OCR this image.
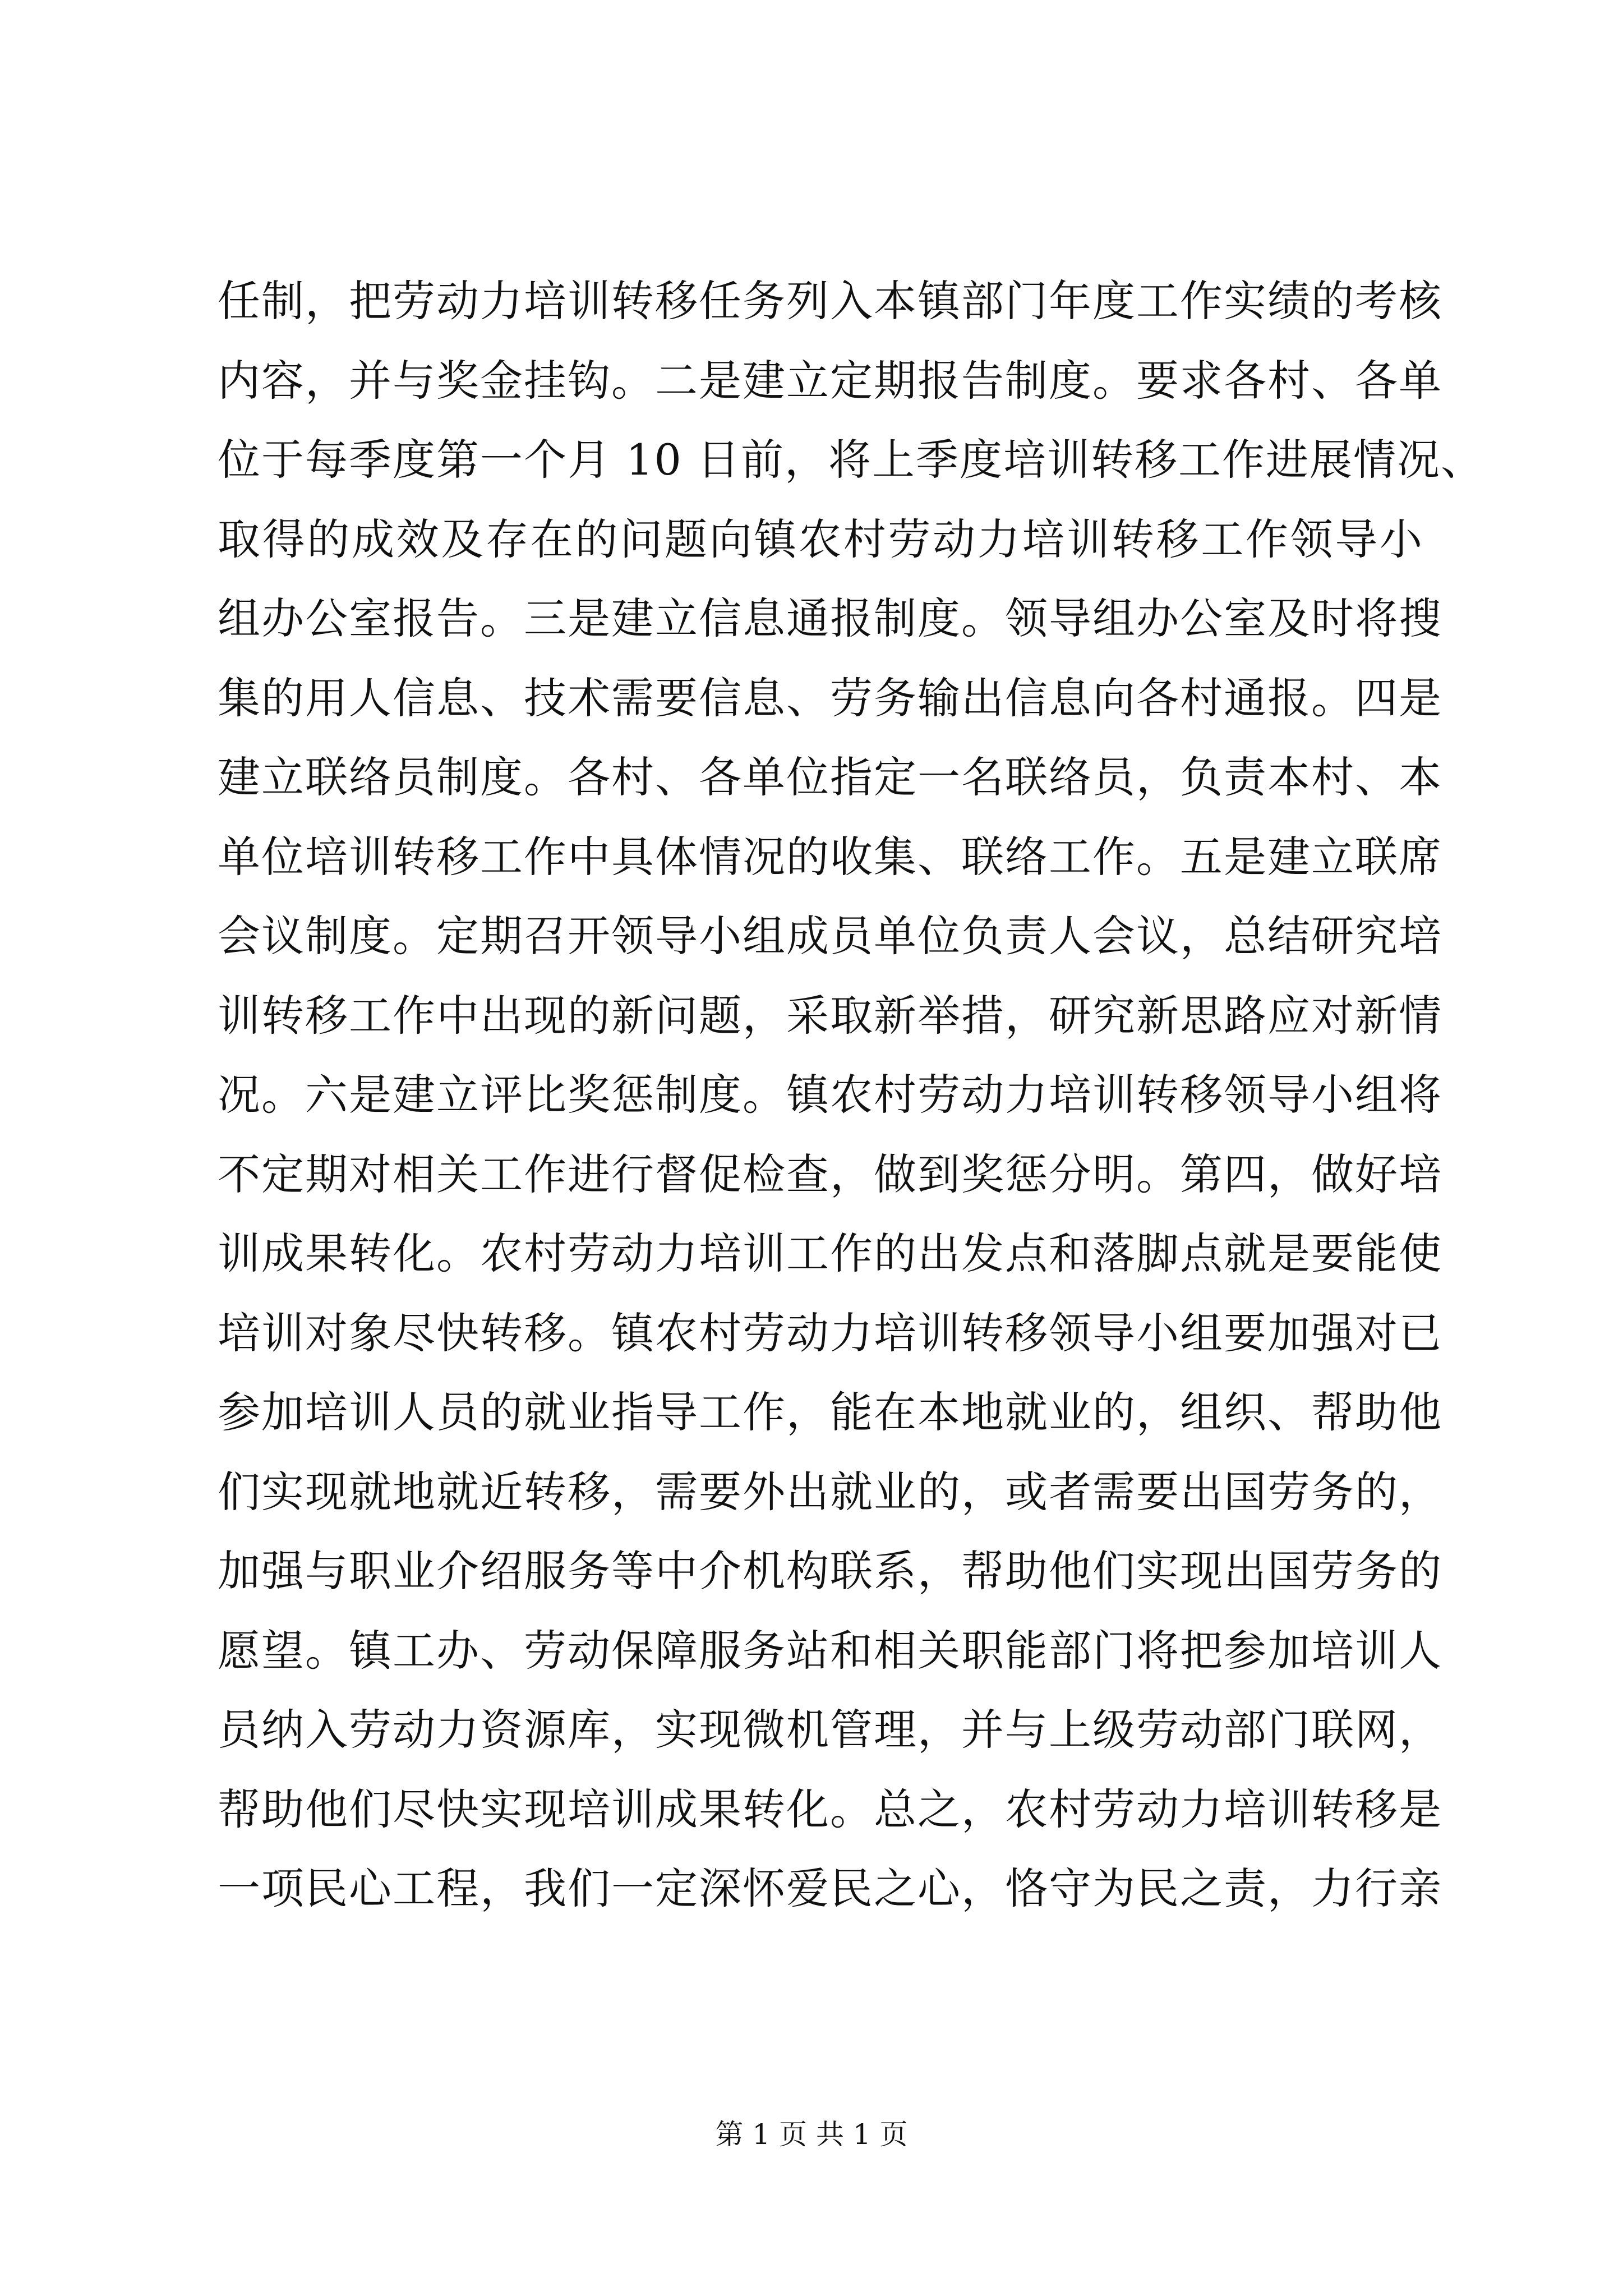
任制，把劳动力培训转移任务列入本镇部门年度工作实绩的考核
内容，并与奖金挂钩。二是建立定期报告制度。要求各村、各单
位于每季度第一个月 10 日前，将上季度培训转移工作进展情况、
取得的成效及存在的问题向镇农村劳动力培训转移工作领导小
组办公室报告。三是建立信息通报制度。领导组办公室及时将搜
集的用人信息、技术需要信息、劳务输出信息向各村通报。四是
建立联络员制度。各村、各单位指定一名联络员，负责本村、本
单位培训转移工作中具体情况的收集、联络工作。五是建立联席
会议制度。定期召开领导小组成员单位负责人会议，总结研究培
训转移工作中出现的新问题，采取新举措，研究新思路应对新情
况。六是建立评比奖惩制度。镇农村劳动力培训转移领导小组将
不定期对相关工作进行督促检查，做到奖惩分明。第四，做好培
训成果转化。农村劳动力培训工作的出发点和落脚点就是要能使
培训对象尽快转移。镇农村劳动力培训转移领导小组要加强对已
参加培训人员的就业指导工作，能在本地就业的，组织、帮助他
们实现就地就近转移，需要外出就业的，或者需要出国劳务的，
加强与职业介绍服务等中介机构联系，帮助他们实现出国劳务的
愿望。镇工办、劳动保障服务站和相关职能部门将把参加培训人
员纳入劳动力资源库，实现微机管理，并与上级劳动部门联网，
帮助他们尽快实现培训成果转化。总之，农村劳动力培训转移是
一项民心工程，我们一定深怀爱民之心，恪守为民之责，力行亲
第 1 页 共 1 页
